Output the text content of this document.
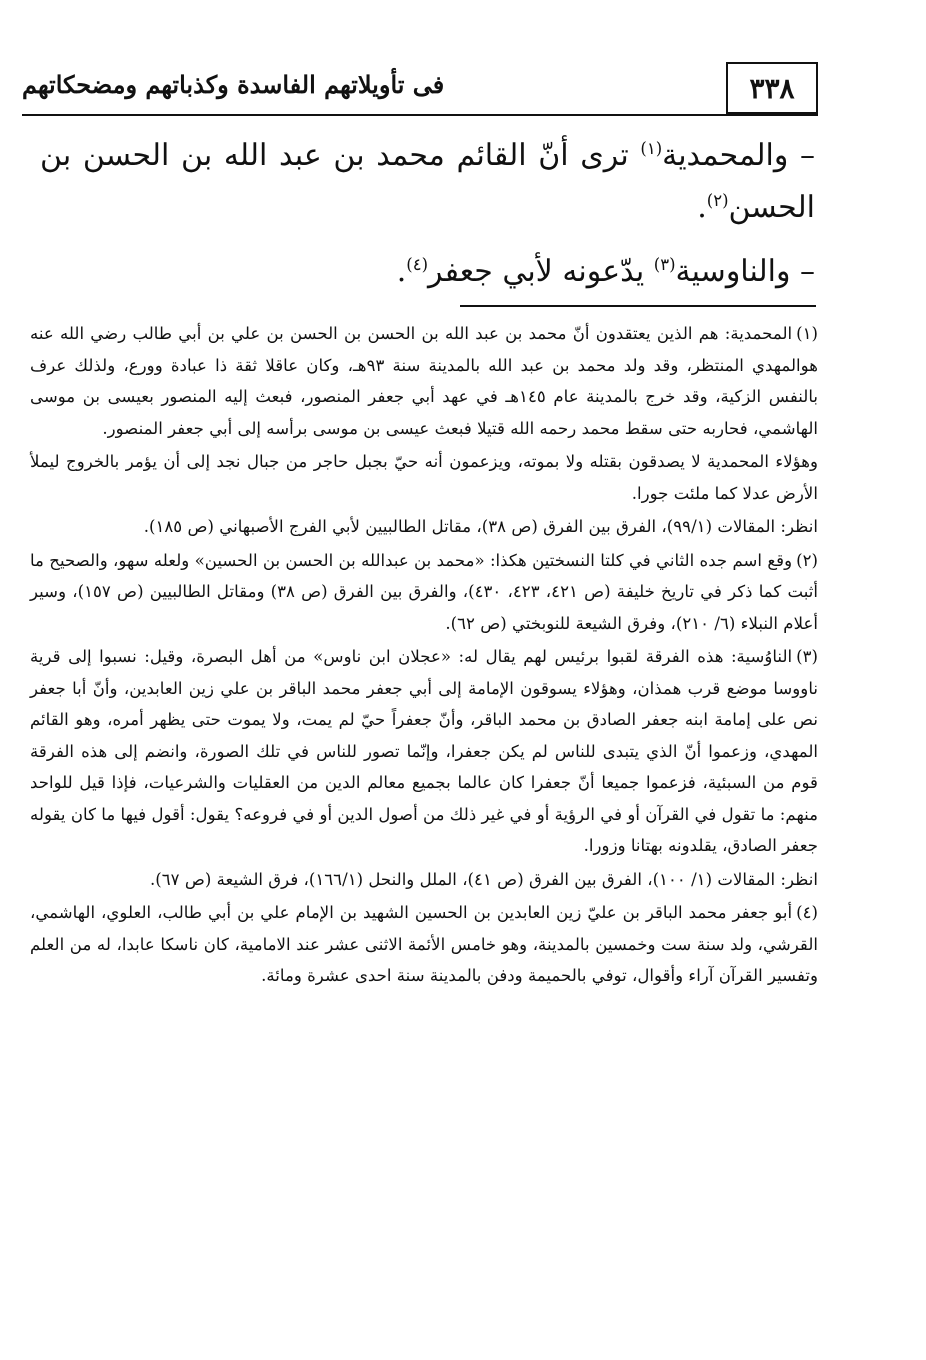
٣٣٨
فى تأويلاتهم الفاسدة وكذباتهم ومضحكاتهم

– والمحمدية$^{(١)}$ ترى أنّ القائم محمد بن عبد الله بن الحسن بن الحسن$^{(٢)}$.

– والناوسية$^{(٣)}$ يدّعونه لأبي جعفر$^{(٤)}$.

(١)المحمدية: هم الذين يعتقدون أنّ محمد بن عبد الله بن الحسن بن الحسن بن علي بن أبي طالب رضي الله عنه هوالمهدي المنتظر، وقد ولد محمد بن عبد الله بالمدينة سنة ٩٣هـ، وكان عاقلا ثقة ذا عبادة وورع، ولذلك عرف بالنفس الزكية، وقد خرج بالمدينة عام ١٤٥هـ في عهد أبي جعفر المنصور، فبعث إليه المنصور بعيسى بن موسى الهاشمي، فحاربه حتى سقط محمد رحمه الله قتيلا فبعث عيسى بن موسى برأسه إلى أبي جعفر المنصور.

وهؤلاء المحمدية لا يصدقون بقتله ولا بموته، ويزعمون أنه حيّ بجبل حاجر من جبال نجد إلى أن يؤمر بالخروج ليملأ الأرض عدلا كما ملئت جورا.

انظر: المقالات (٩٩/١)، الفرق بين الفرق (ص ٣٨)، مقاتل الطالبيين لأبي الفرج الأصبهاني (ص ١٨٥).

(٢)وقع اسم جده الثاني في كلتا النسختين هكذا: «محمد بن عبدالله بن الحسن بن الحسين» ولعله سهو، والصحيح ما أثبت كما ذكر في تاريخ خليفة (ص ٤٢١، ٤٢٣، ٤٣٠)، والفرق بين الفرق (ص ٣٨) ومقاتل الطالبيين (ص ١٥٧)، وسير أعلام النبلاء (٦/ ٢١٠)، وفرق الشيعة للنوبختي (ص ٦٢).

(٣)الناوُسية: هذه الفرقة لقبوا برئيس لهم يقال له: «عجلان ابن ناوس» من أهل البصرة، وقيل: نسبوا إلى قرية ناووسا موضع قرب همذان، وهؤلاء يسوقون الإمامة إلى أبي جعفر محمد الباقر بن علي زين العابدين، وأنّ أبا جعفر نص على إمامة ابنه جعفر الصادق بن محمد الباقر، وأنّ جعفراً حيّ لم يمت، ولا يموت حتى يظهر أمره، وهو القائم المهدي، وزعموا أنّ الذي يتبدى للناس لم يكن جعفرا، وإنّما تصور للناس في تلك الصورة، وانضم إلى هذه الفرقة قوم من السبئية، فزعموا جميعا أنّ جعفرا كان عالما بجميع معالم الدين من العقليات والشرعيات، فإذا قيل للواحد منهم: ما تقول في القرآن أو في الرؤية أو في غير ذلك من أصول الدين أو في فروعه؟ يقول: أقول فيها ما كان يقوله جعفر الصادق، يقلدونه بهتانا وزورا.

انظر: المقالات (١/ ١٠٠)، الفرق بين الفرق (ص ٤١)، الملل والنحل (١٦٦/١)، فرق الشيعة (ص ٦٧).

(٤)أبو جعفر محمد الباقر بن عليّ زين العابدين بن الحسين الشهيد بن الإمام علي بن أبي طالب، العلوي، الهاشمي، القرشي، ولد سنة ست وخمسين بالمدينة، وهو خامس الأئمة الاثنى عشر عند الامامية، كان ناسكا عابدا، له من العلم وتفسير القرآن آراء وأقوال، توفي بالحميمة ودفن بالمدينة سنة احدى عشرة ومائة.
